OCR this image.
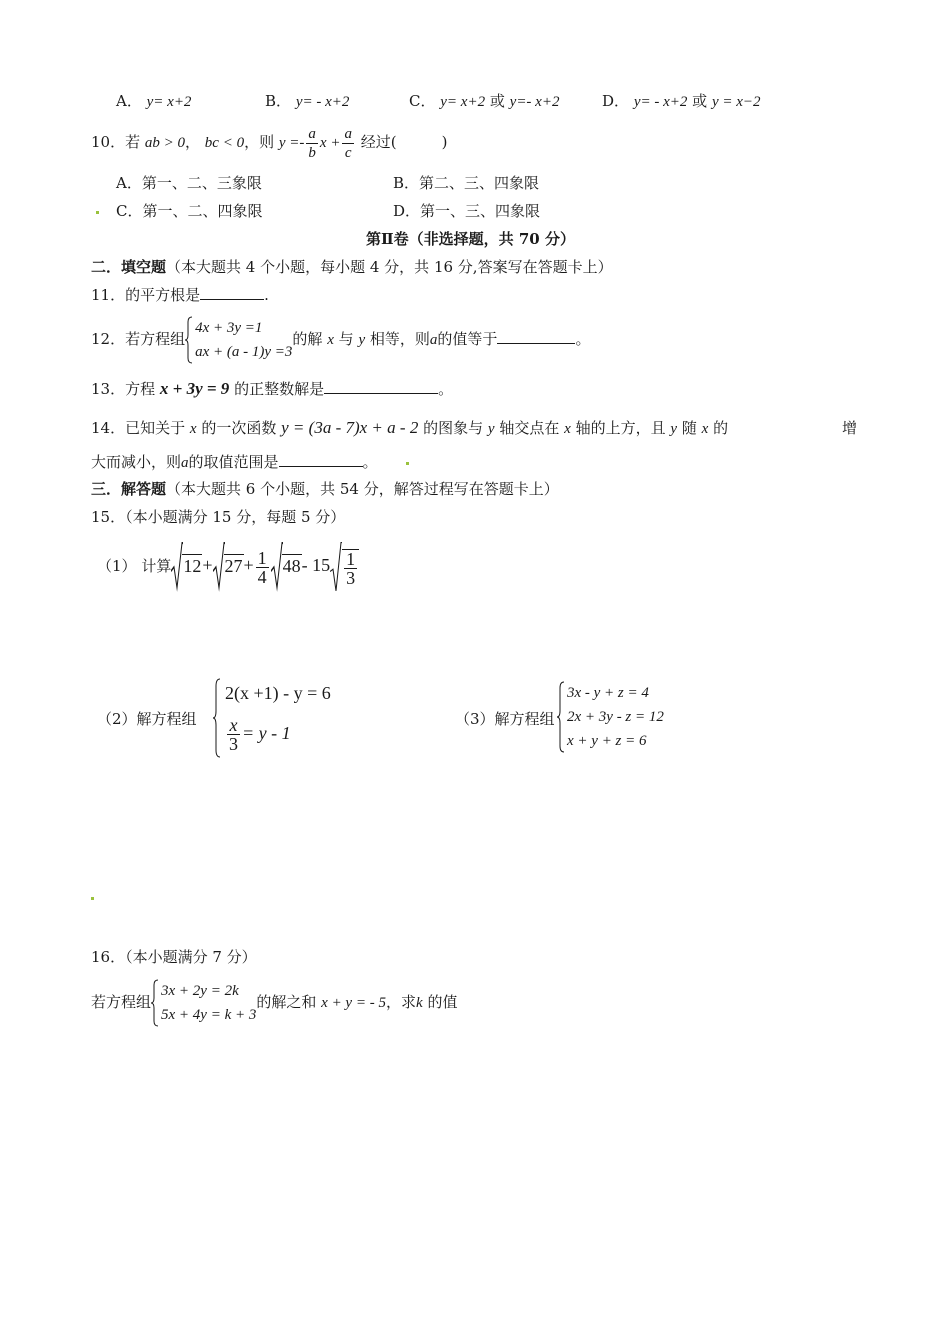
A． y= x+2	B． y= - x+2	C． y= x+2 或 y=- x+2	D． y= - x+2 或 y = x−2
10．若 ab > 0， bc < 0，则 $y =- \frac{a}{b}$ $x + \frac{a}{c}$ 经过(　　　)
A．第一、二、三象限	B．第二、三、四象限
C．第一、二、四象限	D．第一、三、四象限
第Ⅱ卷（非选择题，共 70 分）
二．填空题（本大题共 4 个小题，每小题 4 分，共 16 分,答案写在答题卡上）
11．的平方根是	.
12．若方程组
4x + 3y =1
ax + (a - 1)y =3
的解 x 与 y 相等，则a的值等于	。
13．方程 x + 3y = 9 的正整数解是	。
14．已知关于 x 的一次函数 y = (3a - 7)x + a - 2 的图象与 y 轴交点在 x 轴的上方，且 y 随 x 的	增
大而减小，则a的取值范围是	。
三．解答题（本大题共 6 个小题，共 54 分，解答过程写在答题卡上）
15．（本小题满分 15 分，每题 5 分）
（1） 计算 $12+ 27+ \frac{1}{4} 48-$ $15 \frac{1}{3}$
（2）解方程组
2(x +1) - y = 6
$\frac{x}{3} = y - 1$
（3）解方程组
3x - y + z = 4
2x + 3y - z = 12
x + y + z = 6
16．（本小题满分 7 分）
若方程组
3x + 2y = 2k
5x + 4y = k + 3
的解之和 x + y = - 5，求k 的值
